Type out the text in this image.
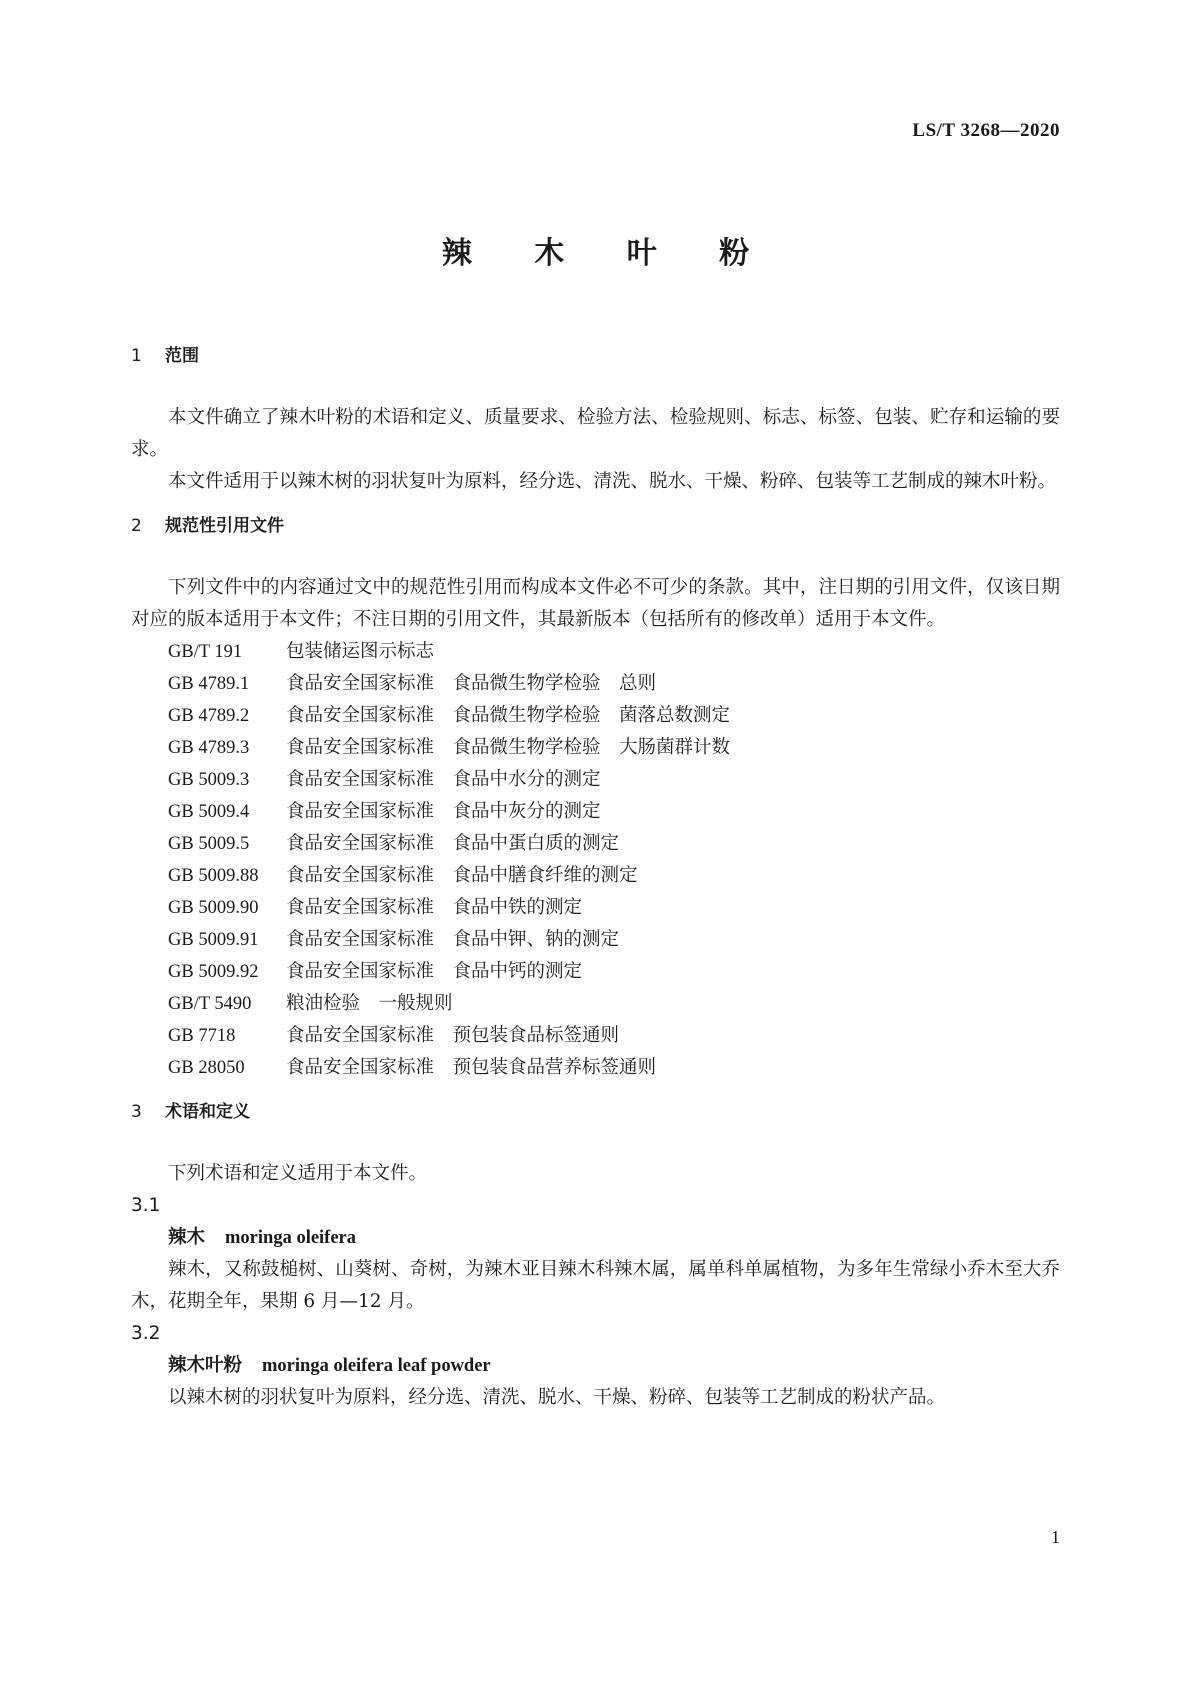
LS/T 3268—2020
辣 木 叶 粉
1 范围

本文件确立了辣木叶粉的术语和定义、质量要求、检验方法、检验规则、标志、标签、包装、贮存和运输的要求。

本文件适用于以辣木树的羽状复叶为原料，经分选、清洗、脱水、干燥、粉碎、包装等工艺制成的辣木叶粉。

2 规范性引用文件

下列文件中的内容通过文中的规范性引用而构成本文件必不可少的条款。其中，注日期的引用文件，仅该日期对应的版本适用于本文件；不注日期的引用文件，其最新版本（包括所有的修改单）适用于本文件。

GB/T 191 包装储运图示标志
GB 4789.1 食品安全国家标准　食品微生物学检验　总则
GB 4789.2 食品安全国家标准　食品微生物学检验　菌落总数测定
GB 4789.3 食品安全国家标准　食品微生物学检验　大肠菌群计数
GB 5009.3 食品安全国家标准　食品中水分的测定
GB 5009.4 食品安全国家标准　食品中灰分的测定
GB 5009.5 食品安全国家标准　食品中蛋白质的测定
GB 5009.88 食品安全国家标准　食品中膳食纤维的测定
GB 5009.90 食品安全国家标准　食品中铁的测定
GB 5009.91 食品安全国家标准　食品中钾、钠的测定
GB 5009.92 食品安全国家标准　食品中钙的测定
GB/T 5490 粮油检验　一般规则
GB 7718	食品安全国家标准　预包装食品标签通则
GB 28050 食品安全国家标准　预包装食品营养标签通则
3 术语和定义

下列术语和定义适用于本文件。

3.1
辣木 moringa oleifera

辣木，又称鼓槌树、山葵树、奇树，为辣木亚目辣木科辣木属，属单科单属植物，为多年生常绿小乔木至大乔木，花期全年，果期 6 月—12 月。

3.2
辣木叶粉 moringa oleifera leaf powder

以辣木树的羽状复叶为原料，经分选、清洗、脱水、干燥、粉碎、包装等工艺制成的粉状产品。

1
